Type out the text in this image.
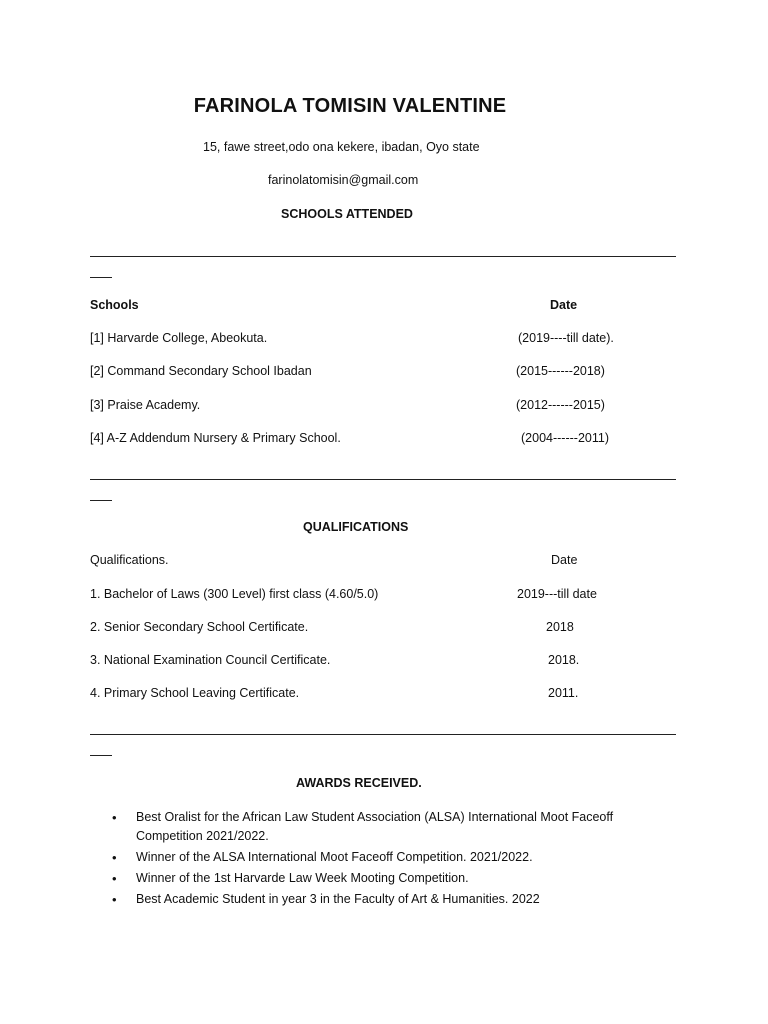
FARINOLA TOMISIN VALENTINE
15, fawe street,odo ona kekere, ibadan, Oyo state
farinolatomisin@gmail.com
SCHOOLS ATTENDED
Schools	Date
[1] Harvarde College, Abeokuta.	(2019----till date).
[2] Command Secondary School Ibadan	(2015------2018)
[3] Praise Academy.	(2012------2015)
[4] A-Z Addendum Nursery & Primary School.	(2004------2011)
QUALIFICATIONS
Qualifications.	Date
1. Bachelor of Laws (300 Level) first class (4.60/5.0)	2019---till date
2. Senior Secondary School Certificate.	2018
3. National Examination Council Certificate.	2018.
4. Primary School Leaving Certificate.	2011.
AWARDS RECEIVED.
• Best Oralist for the African Law Student Association (ALSA) International Moot Faceoff Competition 2021/2022.
• Winner of the ALSA International Moot Faceoff Competition. 2021/2022.
• Winner of the 1st Harvarde Law Week Mooting Competition.
• Best Academic Student in year 3 in the Faculty of Art & Humanities. 2022
